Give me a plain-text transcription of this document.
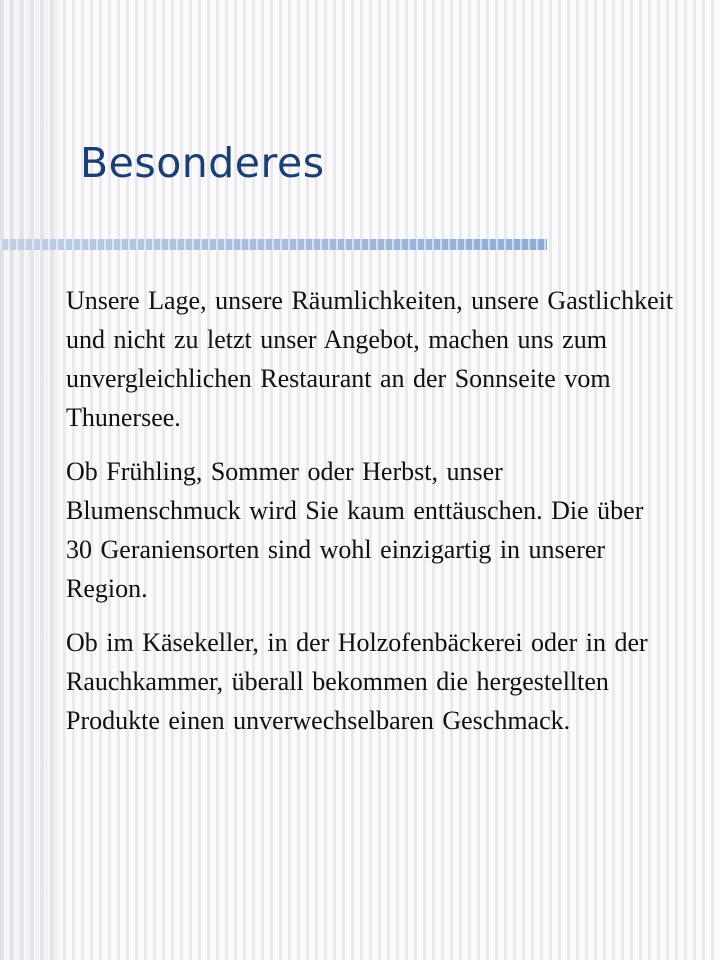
Besonderes

Unsere Lage, unsere Räumlichkeiten, unsere Gastlichkeit und nicht zu letzt unser Angebot, machen uns zum unvergleichlichen Restaurant an der Sonnseite vom Thunersee.

Ob Frühling, Sommer oder Herbst, unser Blumenschmuck wird Sie kaum enttäuschen. Die über 30 Geraniensorten sind wohl einzigartig in unserer Region.

Ob im Käsekeller, in der Holzofenbäckerei oder in der Rauchkammer, überall bekommen die hergestellten Produkte einen unverwechselbaren Geschmack.
